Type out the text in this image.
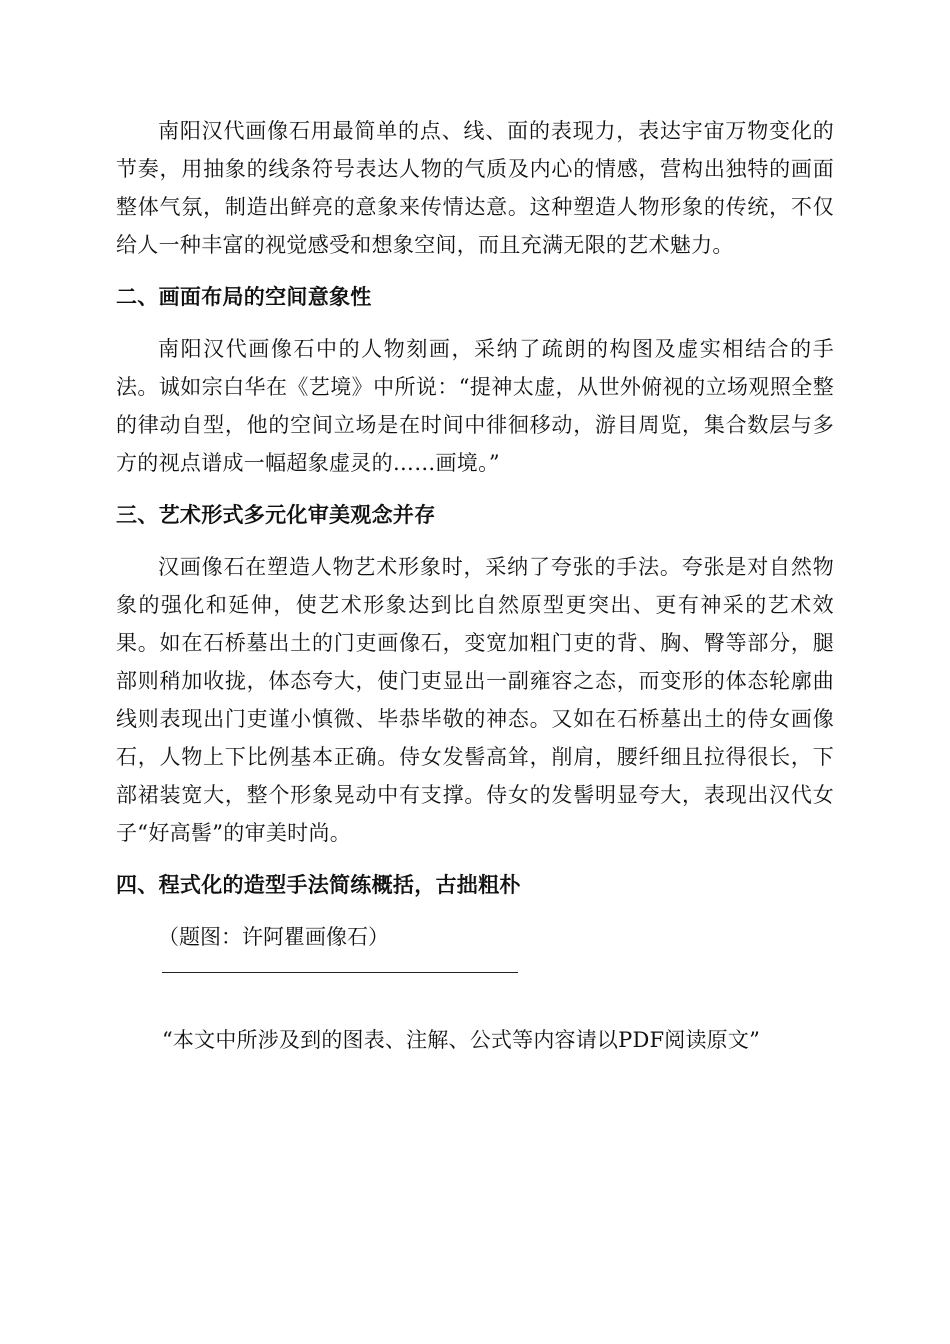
南阳汉代画像石用最简单的点、线、面的表现力，表达宇宙万物变化的节奏，用抽象的线条符号表达人物的气质及内心的情感，营构出独特的画面整体气氛，制造出鲜亮的意象来传情达意。这种塑造人物形象的传统，不仅给人一种丰富的视觉感受和想象空间，而且充满无限的艺术魅力。

二、画面布局的空间意象性

南阳汉代画像石中的人物刻画，采纳了疏朗的构图及虚实相结合的手法。诚如宗白华在《艺境》中所说：“提神太虚，从世外俯视的立场观照全整的律动自型，他的空间立场是在时间中徘徊移动，游目周览，集合数层与多方的视点谱成一幅超象虚灵的……画境。”

三、艺术形式多元化审美观念并存

汉画像石在塑造人物艺术形象时，采纳了夸张的手法。夸张是对自然物象的强化和延伸，使艺术形象达到比自然原型更突出、更有神采的艺术效果。如在石桥墓出土的门吏画像石，变宽加粗门吏的背、胸、臀等部分，腿部则稍加收拢，体态夸大，使门吏显出一副雍容之态，而变形的体态轮廓曲线则表现出门吏谨小慎微、毕恭毕敬的神态。又如在石桥墓出土的侍女画像石，人物上下比例基本正确。侍女发髻高耸，削肩，腰纤细且拉得很长，下部裙装宽大，整个形象晃动中有支撑。侍女的发髻明显夸大，表现出汉代女子“好高髻”的审美时尚。

四、程式化的造型手法简练概括，古拙粗朴

（题图：许阿瞿画像石）

“本文中所涉及到的图表、注解、公式等内容请以PDF阅读原文”
